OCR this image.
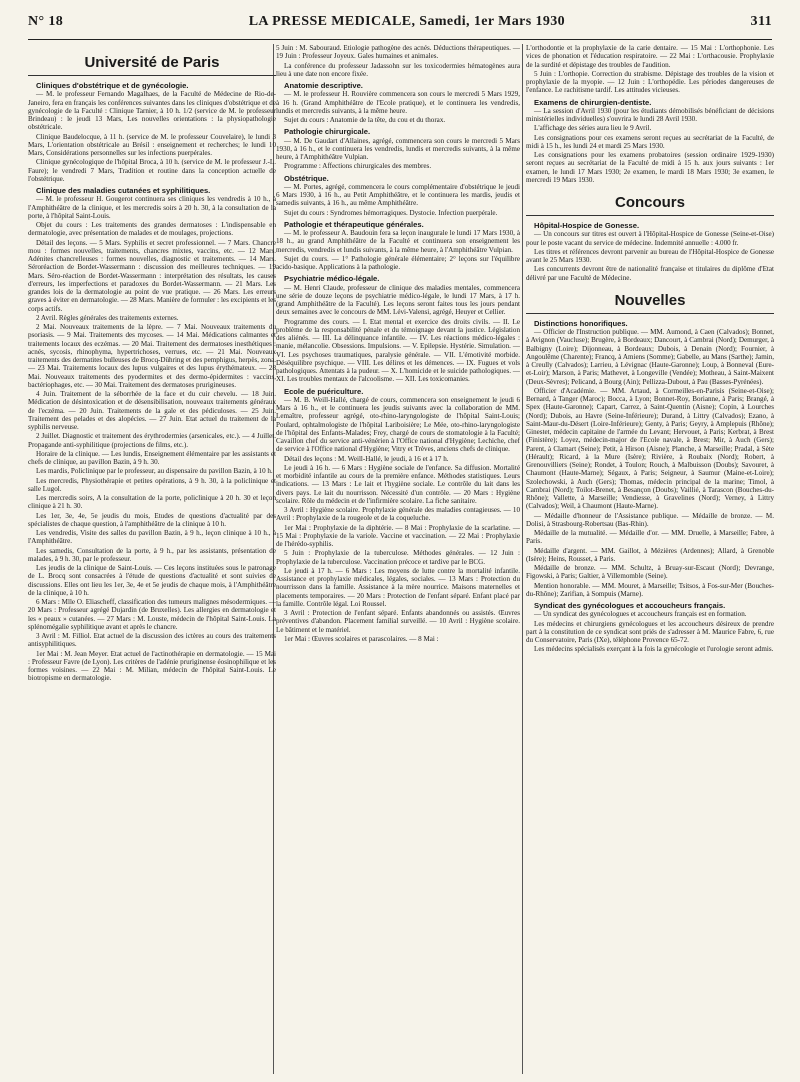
N° 18	LA PRESSE MEDICALE, Samedi, 1er Mars 1930	311
Université de Paris
Cliniques d'obstétrique et de gynécologie.

— M. le professeur Fernando Magalhaes, de la Faculté de Médecine de Rio-de-Janeiro, fera en français les conférences suivantes dans les cliniques d'obstétrique et de gynécologie de la Faculté : Clinique Tarnier, à 10 h. 1/2 (service de M. le professeur Brindeau) : le jeudi 13 Mars, Les nouvelles orientations : la physiopathologie obstétricale.

Clinique Baudelocque, à 11 h. (service de M. le professeur Couvelaire), le lundi 3 Mars, L'orientation obstétricale au Brésil : enseignement et recherches; le lundi 10 Mars, Considérations personnelles sur les infections puerpérales.

Clinique gynécologique de l'hôpital Broca, à 10 h. (service de M. le professeur J.-L. Faure); le vendredi 7 Mars, Tradition et routine dans la conception actuelle de l'obstétrique.

Clinique des maladies cutanées et syphilitiques.

— M. le professeur H. Gougerot continuera ses cliniques les vendredis à 10 h., à l'Amphithéâtre de la clinique, et les mercredis soirs à 20 h. 30, à la consultation de la porte, à l'hôpital Saint-Louis.

Objet du cours : Les traitements des grandes dermatoses : L'indispensable en dermatologie, avec présentation de malades et de moulages, projections.

Détail des leçons. — 5 Mars. Syphilis et secret professionnel. — 7 Mars. Chancre mou : formes nouvelles, traitements, chancres mixtes, vaccins, etc. — 12 Mars. Adénites chancrelleuses : formes nouvelles, diagnostic et traitements. — 14 Mars. Séroréaction de Bordet-Wassermann : discussion des meilleures techniques. — 19 Mars. Séro-réaction de Bordet-Wassermann : interprétation des résultats, les causes d'erreurs, les imperfections et paradoxes du Bordet-Wassermann. — 21 Mars. Les grandes lois de la dermatologie au point de vue pratique. — 26 Mars. Les erreurs graves à éviter en dermatologie. — 28 Mars. Manière de formuler : les excipients et les corps actifs.

2 Avril. Règles générales des traitements externes.

2 Mai. Nouveaux traitements de la lèpre. — 7 Mai. Nouveaux traitements du psoriasis. — 9 Mai. Traitements des mycoses. — 14 Mai. Médications calmantes et traitements locaux des eczémas. — 20 Mai. Traitement des dermatoses inesthétiques : acnés, sycosis, rhinophyma, hypertrichoses, verrues, etc. — 21 Mai. Nouveaux traitements des dermatites bulleuses de Brocq-Dühring et des pemphigus, herpès, zona. — 23 Mai. Traitements locaux des lupus vulgaires et des lupus érythémateux. — 28 Mai. Nouveaux traitements des pyodermites et des dermo-épidermites : vaccins, bactériophages, etc. — 30 Mai. Traitement des dermatoses prurigineuses.

4 Juin. Traitement de la séborrhée de la face et du cuir chevelu. — 18 Juin. Médication de désintoxication et de désensibilisation, nouveaux traitements généraux de l'eczéma. — 20 Juin. Traitements de la gale et des pédiculoses. — 25 Juin. Traitement des pelades et des alopécies. — 27 Juin. Etat actuel du traitement de la syphilis nerveuse.

2 Juillet. Diagnostic et traitement des érythrodermies (arsenicales, etc.). — 4 Juillet. Propagande anti-syphilitique (projections de films, etc.).

Horaire de la clinique. — Les lundis, Enseignement élémentaire par les assistants et chefs de clinique, au pavillon Bazin, à 9 h. 30.

Les mardis, Policlinique par le professeur, au dispensaire du pavillon Bazin, à 10 h.

Les mercredis, Physiothérapie et petites opérations, à 9 h. 30, à la policlinique et salle Lugol.

Les mercredis soirs, A la consultation de la porte, policlinique à 20 h. 30 et leçon clinique à 21 h. 30.

Les 1er, 3e, 4e, 5e jeudis du mois, Etudes de questions d'actualité par des spécialistes de chaque question, à l'amphithéâtre de la clinique à 10 h.

Les vendredis, Visite des salles du pavillon Bazin, à 9 h., leçon clinique à 10 h., à l'Amphithéâtre.

Les samedis, Consultation de la porte, à 9 h., par les assistants, présentation de malades, à 9 h. 30, par le professeur.

Les jeudis de la clinique de Saint-Louis. — Ces leçons instituées sous le patronage de L. Brocq sont consacrées à l'étude de questions d'actualité et sont suivies de discussions. Elles ont lieu les 1er, 3e, 4e et 5e jeudis de chaque mois, à l'Amphithéâtre de la clinique, à 10 h.

6 Mars : Mlle O. Eliascheff, classification des tumeurs malignes mésodermiques. — 20 Mars : Professeur agrégé Dujardin (de Bruxelles). Les allergies en dermatologie et les « peaux » cutanées. — 27 Mars : M. Louste, médecin de l'hôpital Saint-Louis. La splénomégalie syphilitique avant et après le chancre.

3 Avril : M. Filliol. Etat actuel de la discussion des ictères au cours des traitements antisyphilitiques.

1er Mai : M. Jean Meyer. Etat actuel de l'actinothérapie en dermatologie. — 15 Mai : Professeur Favre (de Lyon). Les critères de l'adénie pruriginense éosinophilique et les formes voisines. — 22 Mai : M. Milian, médecin de l'hôpital Saint-Louis. Le biotropisme en dermatologie.

5 Juin : M. Sabouraud. Etiologie pathogène des acnés. Déductions thérapeutiques. — 19 Juin : Professeur Joyeux. Gales humaines et animales.

La conférence du professeur Jadassohn sur les toxicodermies hématogènes aura lieu à une date non encore fixée.

Anatomie descriptive.

— M. le professeur H. Rouvière commencera son cours le mercredi 5 Mars 1929, à 16 h. (Grand Amphithéâtre de l'Ecole pratique), et le continuera les vendredis, lundis et mercredis suivants, à la même heure.

Sujet du cours : Anatomie de la tête, du cou et du thorax.

Pathologie chirurgicale.

— M. De Gaudart d'Allaines, agrégé, commencera son cours le mercredi 5 Mars 1930, à 16 h., et le continuera les vendredis, lundis et mercredis suivants, à la même heure, à l'Amphithéâtre Vulpian.

Programme : Affections chirurgicales des membres.

Obstétrique.

— M. Portes, agrégé, commencera le cours complémentaire d'obstétrique le jeudi 6 Mars 1930, à 16 h., au Petit Amphithéâtre, et le continuera les mardis, jeudis et samedis suivants, à 16 h., au même Amphithéâtre.

Sujet du cours : Syndromes hémorragiques. Dystocie. Infection puerpérale.

Pathologie et thérapeutique générales.

— M. le professeur A. Baudouin fera sa leçon inaugurale le lundi 17 Mars 1930, à 18 h., au grand Amphithéâtre de la Faculté et continuera son enseignement les mercredis, vendredis et lundis suivants, à la même heure, à l'Amphithéâtre Vulpian.

Sujet du cours. — 1° Pathologie générale élémentaire; 2° leçons sur l'équilibre acido-basique. Applications à la pathologie.

Psychiatrie médico-légale.

— M. Henri Claude, professeur de clinique des maladies mentales, commencera une série de douze leçons de psychiatrie médico-légale, le lundi 17 Mars, à 17 h. (grand Amphithéâtre de la Faculté). Les leçons seront faites tous les jours pendant deux semaines avec le concours de MM. Lévi-Valensi, agrégé, Heuyer et Cellier.

Programme des cours. — I. Etat mental et exercice des droits civils. — II. Le problème de la responsabilité pénale et du témoignage devant la justice. Législation des aliénés. — III. La délinquance infantile. — IV. Les réactions médico-légales : manie, mélancolie. Obsessions. Impulsions. — V. Epilepsie. Hystérie. Simulation. — VI. Les psychoses traumatiques, paralysie générale. — VII. L'émotivité morbide. Déséquilibre psychique. — VIII. Les délires et les démences. — IX. Fugues et vols pathologiques. Attentats à la pudeur. — X. L'homicide et le suicide pathologiques. — XI. Les troubles mentaux de l'alcoolisme. — XII. Les toxicomanies.

Ecole de puériculture.

— M. B. Weill-Hallé, chargé de cours, commencera son enseignement le jeudi 6 Mars à 16 h., et le continuera les jeudis suivants avec la collaboration de MM. Lemaître, professeur agrégé, oto-rhino-laryngologiste de l'hôpital Saint-Louis; Poulard, ophtalmologiste de l'hôpital Lariboisière; Le Mée, oto-rhino-laryngologiste de l'hôpital des Enfants-Malades; Frey, chargé de cours de stomatologie à la Faculté; Cavaillon chef du service anti-vénérien à l'Office national d'Hygiène; Lechiche, chef de service à l'Office national d'Hygiène; Vitry et Trèves, anciens chefs de clinique.

Détail des leçons : M. Weill-Hallé, le jeudi, à 16 et à 17 h.

Le jeudi à 16 h. — 6 Mars : Hygiène sociale de l'enfance. Sa diffusion. Mortalité et morbidité infantile au cours de la première enfance. Méthodes statistiques. Leurs indications. — 13 Mars : Le lait et l'hygiène sociale. Le contrôle du lait dans les divers pays. Le lait du nourrisson. Nécessité d'un contrôle. — 20 Mars : Hygiène scolaire. Rôle du médecin et de l'infirmière scolaire. La fiche sanitaire.

3 Avril : Hygiène scolaire. Prophylaxie générale des maladies contagieuses. — 10 Avril : Prophylaxie de la rougeole et de la coqueluche.

1er Mai : Prophylaxie de la diphtérie. — 8 Mai : Prophylaxie de la scarlatine. — 15 Mai : Prophylaxie de la variole. Vaccine et vaccination. — 22 Mai : Prophylaxie de l'hérédo-syphilis.

5 Juin : Prophylaxie de la tuberculose. Méthodes générales. — 12 Juin : Prophylaxie de la tuberculose. Vaccination précoce et tardive par le BCG.

Le jeudi à 17 h. — 6 Mars : Les moyens de lutte contre la mortalité infantile. Assistance et prophylaxie médicales, légales, sociales. — 13 Mars : Protection du nourrisson dans la famille. Assistance à la mère nourrice. Maisons maternelles et placements temporaires. — 20 Mars : Protection de l'enfant séparé. Enfant placé par la famille. Contrôle légal. Loi Roussel.

3 Avril : Protection de l'enfant séparé. Enfants abandonnés ou assistés. Œuvres préventives d'abandon. Placement familial surveillé. — 10 Avril : Hygiène scolaire. Le bâtiment et le matériel.

1er Mai : Œuvres scolaires et parascolaires. — 8 Mai :

L'orthodontie et la prophylaxie de la carie dentaire. — 15 Mai : L'orthophonie. Les vices de phonation et l'éducation respiratoire. — 22 Mai : L'orthacousie. Prophylaxie de la surdité et dépistage des troubles de l'audition.

5 Juin : L'orthopie. Correction du strabisme. Dépistage des troubles de la vision et prophylaxie de la myopie. — 12 Juin : L'orthopédie. Les périodes dangereuses de l'enfance. Le rachitisme tardif. Les attitudes vicieuses.

Examens de chirurgien-dentiste.

— La session d'Avril 1930 (pour les étudiants démobilisés bénéficiant de décisions ministérielles individuelles) s'ouvrira le lundi 28 Avril 1930.

L'affichage des séries aura lieu le 9 Avril.

Les consignations pour ces examens seront reçues au secrétariat de la Faculté, de midi à 15 h., les lundi 24 et mardi 25 Mars 1930.

Les consignations pour les examens probatoires (session ordinaire 1929-1930) seront reçues au secrétariat de la Faculté de midi à 15 h. aux jours suivants : 1er examen, le lundi 17 Mars 1930; 2e examen, le mardi 18 Mars 1930; 3e examen, le mercredi 19 Mars 1930.

Concours
Hôpital-Hospice de Gonesse.

— Un concours sur titres est ouvert à l'Hôpital-Hospice de Gonesse (Seine-et-Oise) pour le poste vacant du service de médecine. Indemnité annuelle : 4.000 fr.

Les titres et références devront parvenir au bureau de l'Hôpital-Hospice de Gonesse avant le 25 Mars 1930.

Les concurrents devront être de nationalité française et titulaires du diplôme d'Etat délivré par une Faculté de Médecine.

Nouvelles
Distinctions honorifiques.

— Officier de l'Instruction publique. — MM. Aumond, à Caen (Calvados); Bonnet, à Avignon (Vaucluse); Brugère, à Bordeaux; Dancourt, à Cambrai (Nord); Demurger, à Balbigny (Loire); Dijonneau, à Bordeaux; Dubois, à Denain (Nord); Fournier, à Angoulême (Charente); Francq, à Amiens (Somme); Gabelle, au Mans (Sarthe); Jamin, à Creully (Calvados); Larrieu, à Lévignac (Haute-Garonne); Loup, à Bonneval (Eure-et-Loir); Marson, à Paris; Mathevet, à Longeville (Vendée); Motheau, à Saint-Maixent (Deux-Sèvres); Pelicand, à Bourg (Ain); Pellizza-Dubout, à Pau (Basses-Pyrénées).

Officier d'Académie. — MM. Artaud, à Cormeilles-en-Parisis (Seine-et-Oise); Bernard, à Tanger (Maroc); Bocca, à Lyon; Bonnet-Roy, Borianne, à Paris; Brangé, à Spex (Haute-Garonne); Capart, Carrez, à Saint-Quentin (Aisne); Copin, à Lourches (Nord); Dubois, au Havre (Seine-Inférieure); Durand, à Littry (Calvados); Ezano, à Saint-Maur-du-Désert (Loire-Inférieure); Genty, à Paris; Geyry, à Amplepuis (Rhône); Ginestet, médecin capitaine de l'armée du Levant; Hervouet, à Paris; Kerbrat, à Brest (Finistère); Loyez, médecin-major de l'Ecole navale, à Brest; Mir, à Auch (Gers); Parent, à Clamart (Seine); Petit, à Hirson (Aisne); Planche, à Marseille; Pradal, à Sète (Hérault); Ricard, à la Mure (Isère); Rivière, à Roubaix (Nord); Robert, à Grenouvilliers (Seine); Rondet, à Toulon; Rouch, à Malbuisson (Doubs); Savouret, à Chaumont (Haute-Marne); Ségaux, à Paris; Seigneur, à Saumur (Maine-et-Loire); Szolechowski, à Auch (Gers); Thomas, médecin principal de la marine; Timol, à Cambrai (Nord); Toilot-Brenet, à Besançon (Doubs); Vaillié, à Tarascon (Bouches-du-Rhône); Vallette, à Marseille; Vendiesse, à Gravelines (Nord); Verney, à Littry (Calvados); Weil, à Chaumont (Haute-Marne).

— Médaille d'honneur de l'Assistance publique. — Médaille de bronze. — M. Dolisi, à Strasbourg-Robertsau (Bas-Rhin).

Médaille de la mutualité. — Médaille d'or. — MM. Druelle, à Marseille; Fabre, à Paris.

Médaille d'argent. — MM. Gaillot, à Mézières (Ardennes); Allard, à Grenoble (Isère); Heins, Rousset, à Paris.

Médaille de bronze. — MM. Schultz, à Bruay-sur-Escaut (Nord); Devrange, Figowski, à Paris; Galtier, à Villemomble (Seine).

Mention honorable. — MM. Mouret, à Marseille; Tsitsos, à Fos-sur-Mer (Bouches-du-Rhône); Zarifian, à Sompuis (Marne).

Syndicat des gynécologues et accoucheurs français.

— Un syndicat des gynécologues et accoucheurs français est en formation.

Les médecins et chirurgiens gynécologues et les accoucheurs désireux de prendre part à la constitution de ce syndicat sont priés de s'adresser à M. Maurice Fabre, 6, rue du Conservatoire, Paris (IXe), téléphone Provence 65-72.

Les médecins spécialisés exerçant à la fois la gynécologie et l'urologie seront admis.
